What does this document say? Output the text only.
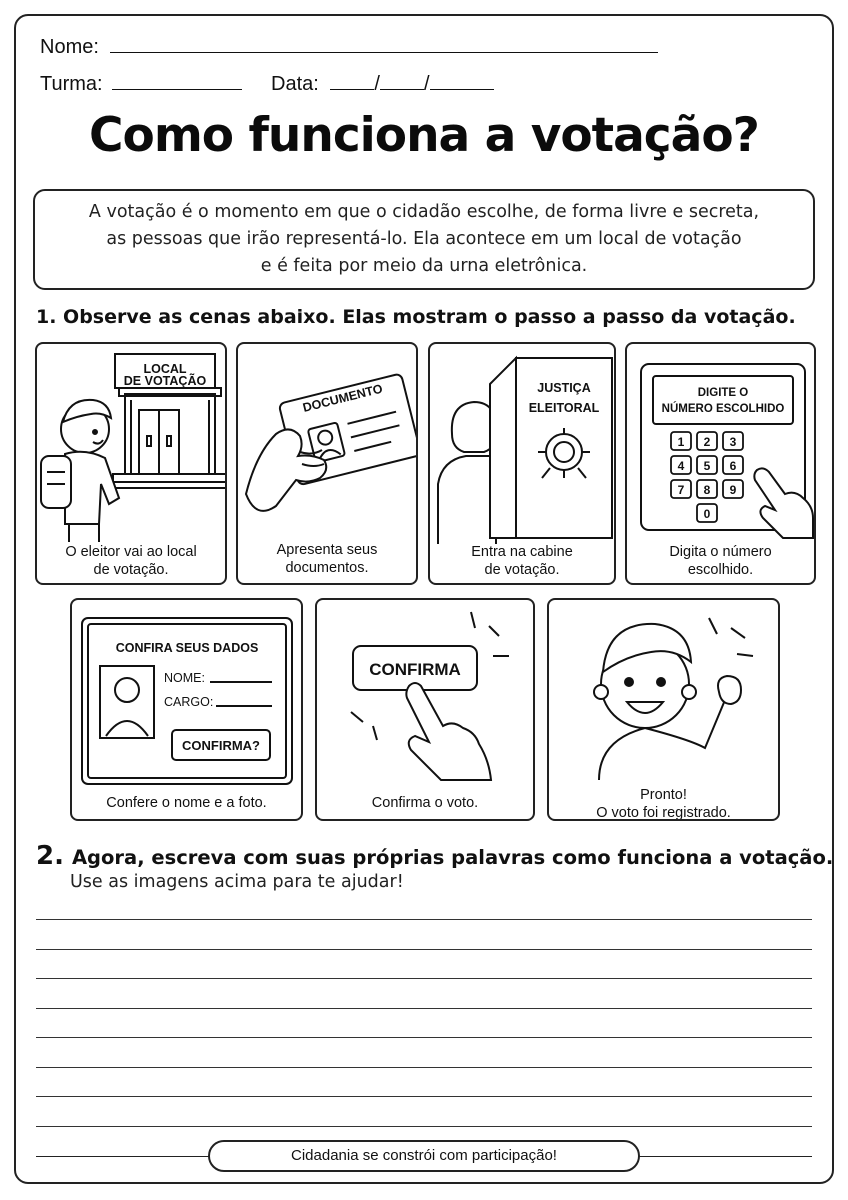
Nome:
Turma:	Data:	/ /
Como funciona a votação?
A votação é o momento em que o cidadão escolhe, de forma livre e secreta,
as pessoas que irão representá-lo. Ela acontece em um local de votação
e é feita por meio da urna eletrônica.
1. Observe as cenas abaixo. Elas mostram o passo a passo da votação.
LOCAL
DE VOTAÇÃO
O eleitor vai ao local
de votação.
DOCUMENTO
Apresenta seus
documentos.
JUSTIÇA
ELEITORAL
Entra na cabine
de votação.
DIGITE O
NÚMERO ESCOLHIDO
1 2 3
4 5 6
7 8 9
0
Digita o número
escolhido.
CONFIRA SEUS DADOS
NOME:
CARGO:
CONFIRMA?
Confere o nome e a foto.
CONFIRMA
Confirma o voto.	Pronto!
O voto foi registrado.
2. Agora, escreva com suas próprias palavras como funciona a votação.
Use as imagens acima para te ajudar!
Cidadania se constrói com participação!
